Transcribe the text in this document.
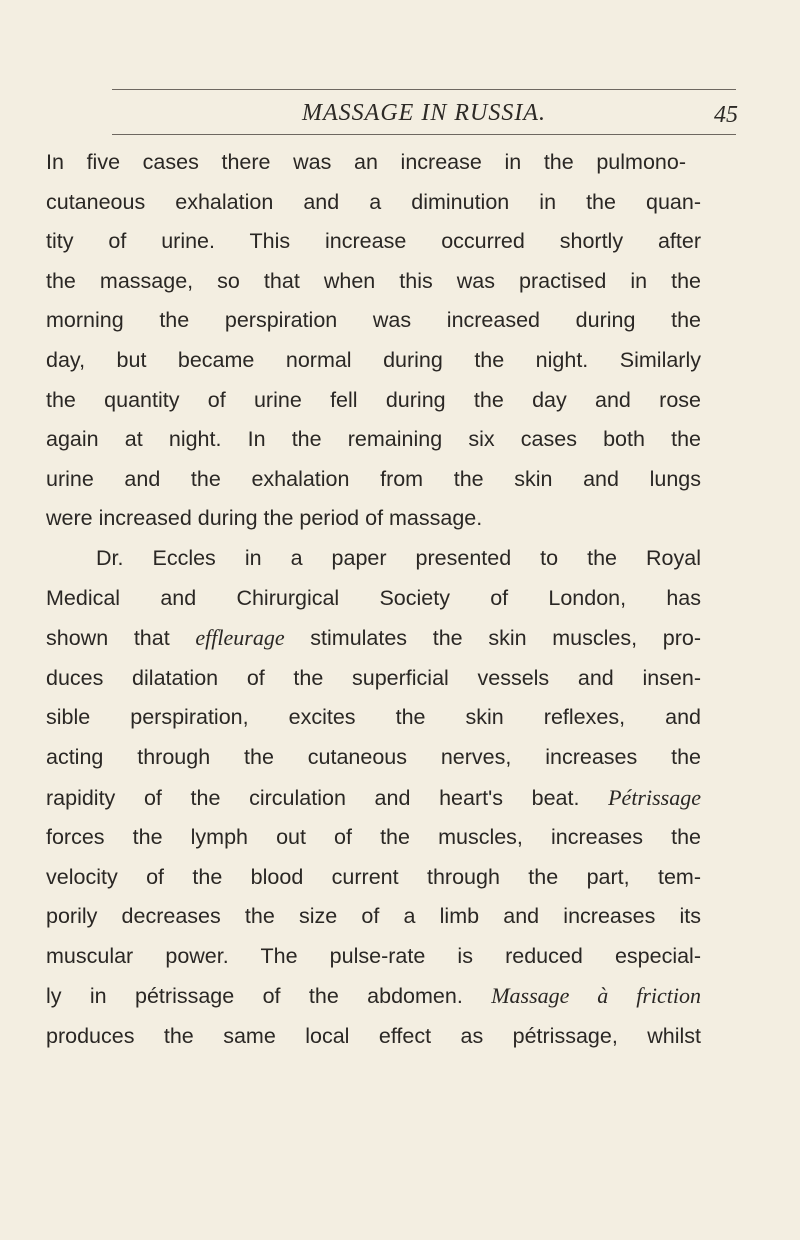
MASSAGE IN RUSSIA.	45
In five cases there was an increase in the pulmono-
cutaneous exhalation and a diminution in the quan-
tity of urine. This increase occurred shortly after
the massage, so that when this was practised in the
morning the perspiration was increased during the
day, but became normal during the night. Similarly
the quantity of urine fell during the day and rose
again at night. In the remaining six cases both the
urine and the exhalation from the skin and lungs
were increased during the period of massage.
Dr. Eccles in a paper presented to the Royal
Medical and Chirurgical Society of London, has
shown that effleurage stimulates the skin muscles, pro-
duces dilatation of the superficial vessels and insen-
sible perspiration, excites the skin reflexes, and
acting through the cutaneous nerves, increases the
rapidity of the circulation and heart's beat. Pétrissage
forces the lymph out of the muscles, increases the
velocity of the blood current through the part, tem-
porily decreases the size of a limb and increases its
muscular power. The pulse-rate is reduced especial-
ly in pétrissage of the abdomen. Massage à friction
produces the same local effect as pétrissage, whilst
